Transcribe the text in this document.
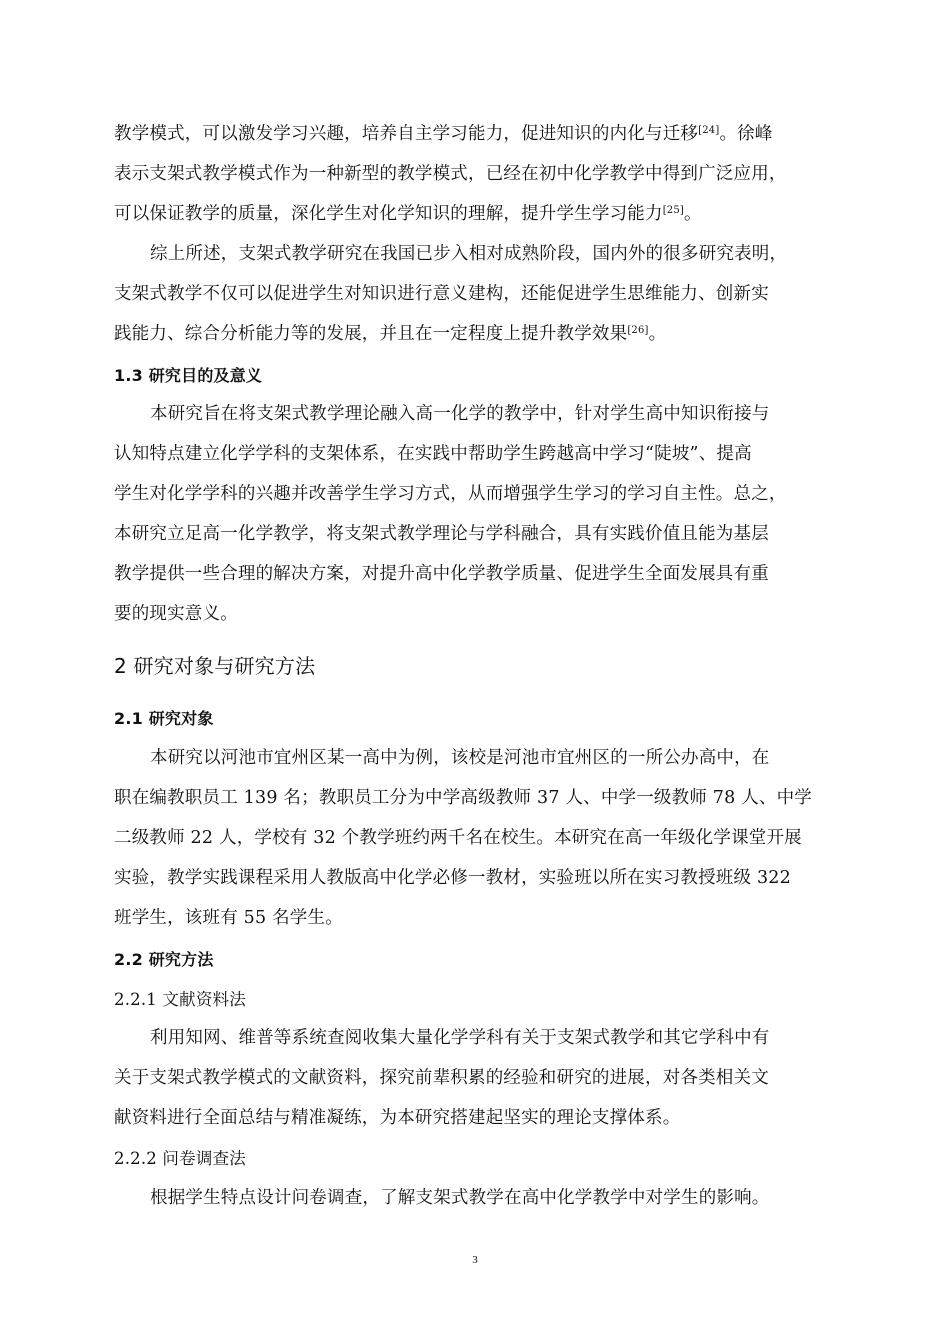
教学模式，可以激发学习兴趣，培养自主学习能力，促进知识的内化与迁移[24]。徐峰
表示支架式教学模式作为一种新型的教学模式，已经在初中化学教学中得到广泛应用，
可以保证教学的质量，深化学生对化学知识的理解，提升学生学习能力[25]。
综上所述，支架式教学研究在我国已步入相对成熟阶段，国内外的很多研究表明，
支架式教学不仅可以促进学生对知识进行意义建构，还能促进学生思维能力、创新实
践能力、综合分析能力等的发展，并且在一定程度上提升教学效果[26]。
1.3 研究目的及意义
本研究旨在将支架式教学理论融入高一化学的教学中，针对学生高中知识衔接与
认知特点建立化学学科的支架体系，在实践中帮助学生跨越高中学习“陡坡”、提高
学生对化学学科的兴趣并改善学生学习方式，从而增强学生学习的学习自主性。总之，
本研究立足高一化学教学，将支架式教学理论与学科融合，具有实践价值且能为基层
教学提供一些合理的解决方案，对提升高中化学教学质量、促进学生全面发展具有重
要的现实意义。
2 研究对象与研究方法
2.1 研究对象
本研究以河池市宜州区某一高中为例，该校是河池市宜州区的一所公办高中，在
职在编教职员工 139 名；教职员工分为中学高级教师 37 人、中学一级教师 78 人、中学
二级教师 22 人，学校有 32 个教学班约两千名在校生。本研究在高一年级化学课堂开展
实验，教学实践课程采用人教版高中化学必修一教材，实验班以所在实习教授班级 322
班学生，该班有 55 名学生。
2.2 研究方法
2.2.1 文献资料法
利用知网、维普等系统查阅收集大量化学学科有关于支架式教学和其它学科中有
关于支架式教学模式的文献资料，探究前辈积累的经验和研究的进展，对各类相关文
献资料进行全面总结与精准凝练，为本研究搭建起坚实的理论支撑体系。
2.2.2 问卷调查法
根据学生特点设计问卷调查，了解支架式教学在高中化学教学中对学生的影响。
3
